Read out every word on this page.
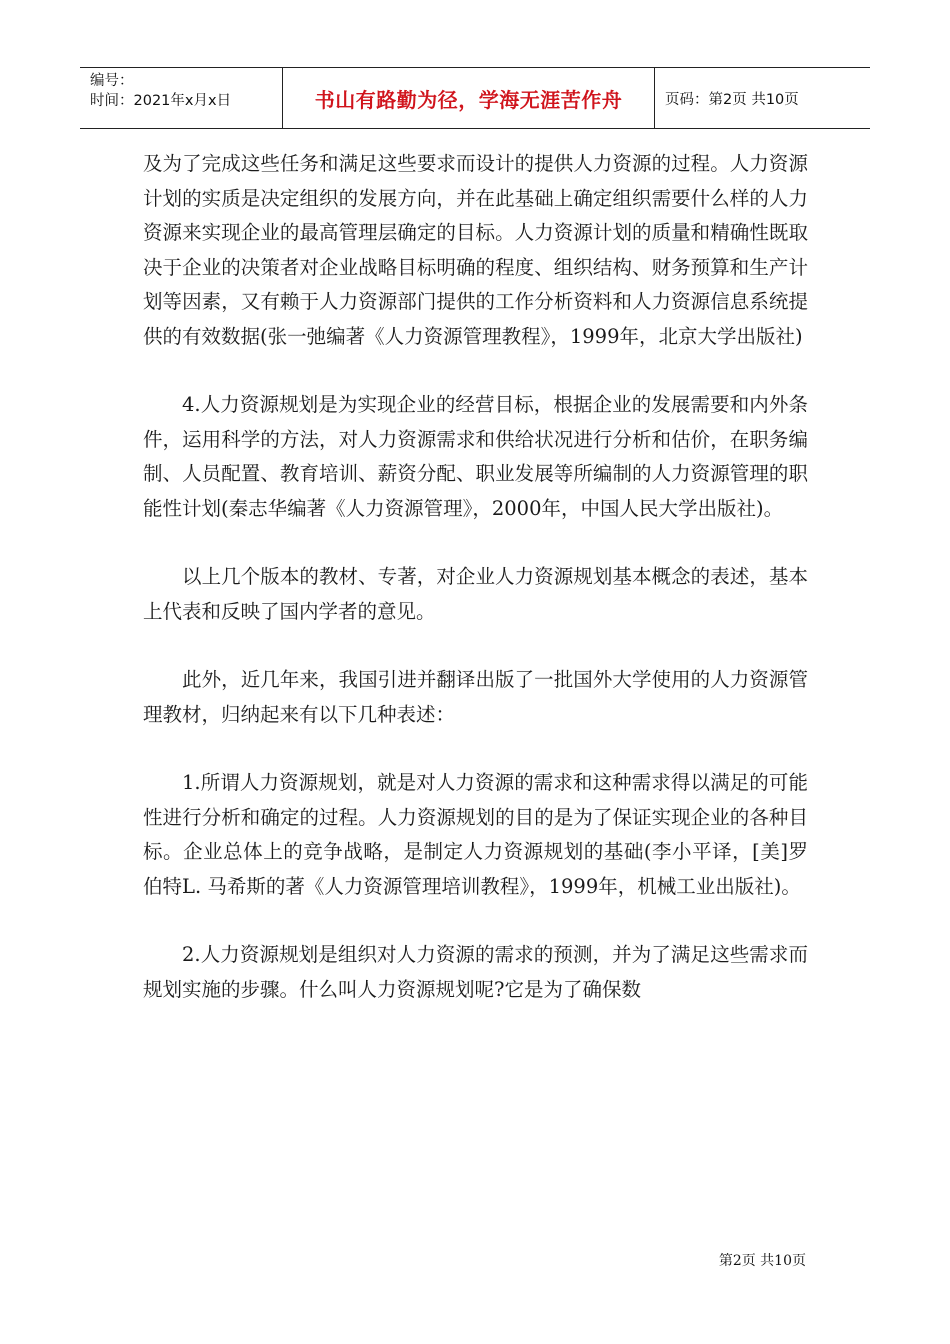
编号：
时间：2021年x月x日	书山有路勤为径，学海无涯苦作舟	页码：第2页 共10页

及为了完成这些任务和满足这些要求而设计的提供人力资源的过程。人力资源计划的实质是决定组织的发展方向，并在此基础上确定组织需要什么样的人力资源来实现企业的最高管理层确定的目标。人力资源计划的质量和精确性既取决于企业的决策者对企业战略目标明确的程度、组织结构、财务预算和生产计划等因素，又有赖于人力资源部门提供的工作分析资料和人力资源信息系统提供的有效数据(张一弛编著《人力资源管理教程》，1999年，北京大学出版社)

4.人力资源规划是为实现企业的经营目标，根据企业的发展需要和内外条件，运用科学的方法，对人力资源需求和供给状况进行分析和估价，在职务编制、人员配置、教育培训、薪资分配、职业发展等所编制的人力资源管理的职能性计划(秦志华编著《人力资源管理》，2000年，中国人民大学出版社)。

以上几个版本的教材、专著，对企业人力资源规划基本概念的表述，基本上代表和反映了国内学者的意见。

此外，近几年来，我国引进并翻译出版了一批国外大学使用的人力资源管理教材，归纳起来有以下几种表述：

1.所谓人力资源规划，就是对人力资源的需求和这种需求得以满足的可能性进行分析和确定的过程。人力资源规划的目的是为了保证实现企业的各种目标。企业总体上的竞争战略，是制定人力资源规划的基础(李小平译，[美]罗伯特L. 马希斯的著《人力资源管理培训教程》，1999年，机械工业出版社)。

2.人力资源规划是组织对人力资源的需求的预测，并为了满足这些需求而规划实施的步骤。什么叫人力资源规划呢?它是为了确保数

第2页 共10页
